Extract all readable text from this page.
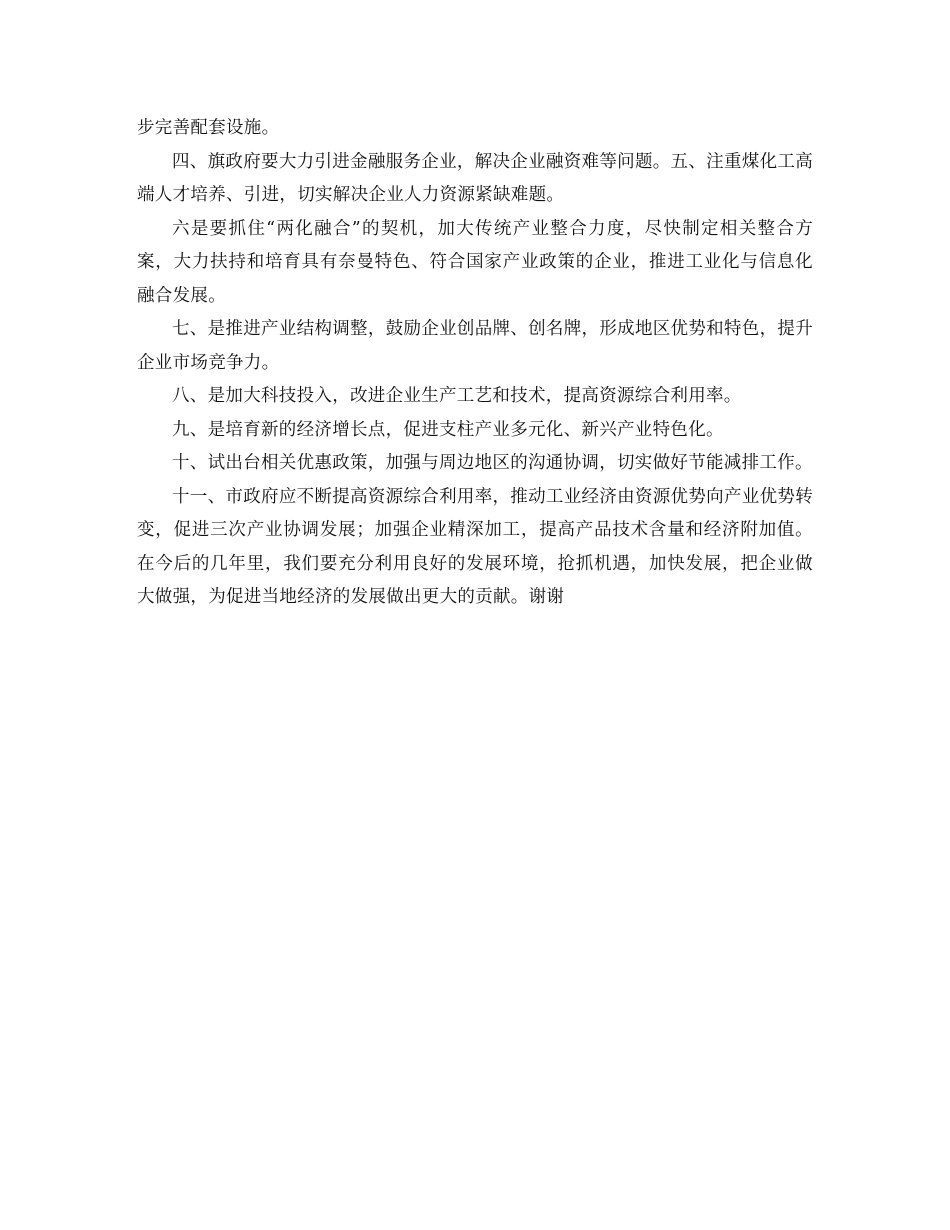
步完善配套设施。

四、旗政府要大力引进金融服务企业，解决企业融资难等问题。五、注重煤化工高端人才培养、引进，切实解决企业人力资源紧缺难题。

六是要抓住“两化融合”的契机，加大传统产业整合力度，尽快制定相关整合方案，大力扶持和培育具有奈曼特色、符合国家产业政策的企业，推进工业化与信息化融合发展。

七、是推进产业结构调整，鼓励企业创品牌、创名牌，形成地区优势和特色，提升企业市场竞争力。

八、是加大科技投入，改进企业生产工艺和技术，提高资源综合利用率。

九、是培育新的经济增长点，促进支柱产业多元化、新兴产业特色化。

十、试出台相关优惠政策，加强与周边地区的沟通协调，切实做好节能减排工作。

十一、市政府应不断提高资源综合利用率，推动工业经济由资源优势向产业优势转变，促进三次产业协调发展；加强企业精深加工，提高产品技术含量和经济附加值。在今后的几年里，我们要充分利用良好的发展环境，抢抓机遇，加快发展，把企业做大做强，为促进当地经济的发展做出更大的贡献。谢谢
